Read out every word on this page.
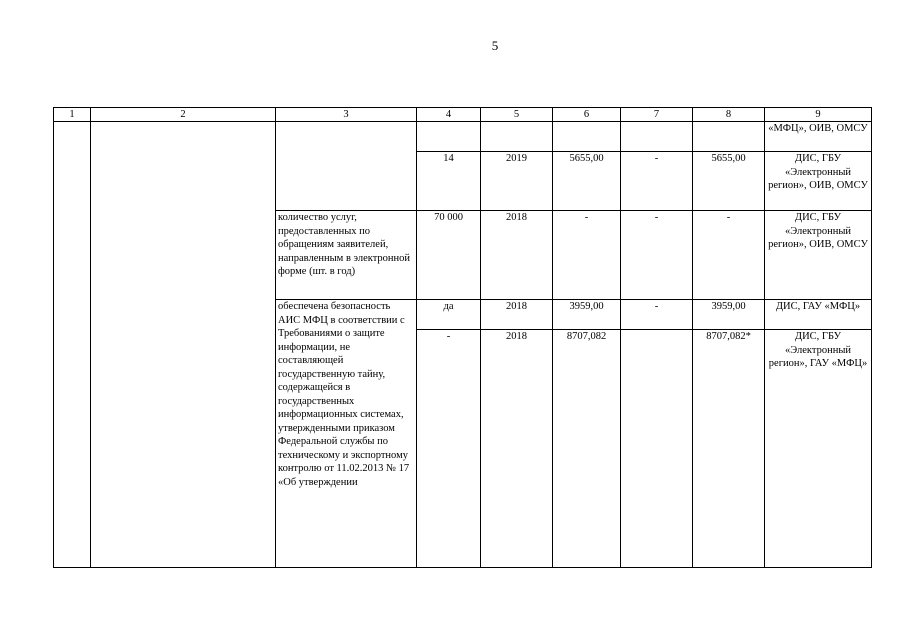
5
1	2	3	4	5	6	7	8	9
								«МФЦ», ОИВ, ОМСУ
			14	2019	5655,00	-	5655,00	ДИС, ГБУ «Электронный регион», ОИВ, ОМСУ
		количество услуг, предоставленных по обращениям заявителей, направленным в электронной форме (шт. в год)	70 000	2018	-	-	-	ДИС, ГБУ «Электронный регион», ОИВ, ОМСУ
		обеспечена безопасность АИС МФЦ в соответствии с Требованиями о защите информации, не составляющей государственную тайну, содержащейся в государственных информационных системах, утвержденными приказом Федеральной службы по техническому и экспортному контролю от 11.02.2013 № 17 «Об утверждении	да	2018	3959,00	-	3959,00	ДИС, ГАУ «МФЦ»
			-	2018	8707,082		8707,082*	ДИС, ГБУ «Электронный регион», ГАУ «МФЦ»
